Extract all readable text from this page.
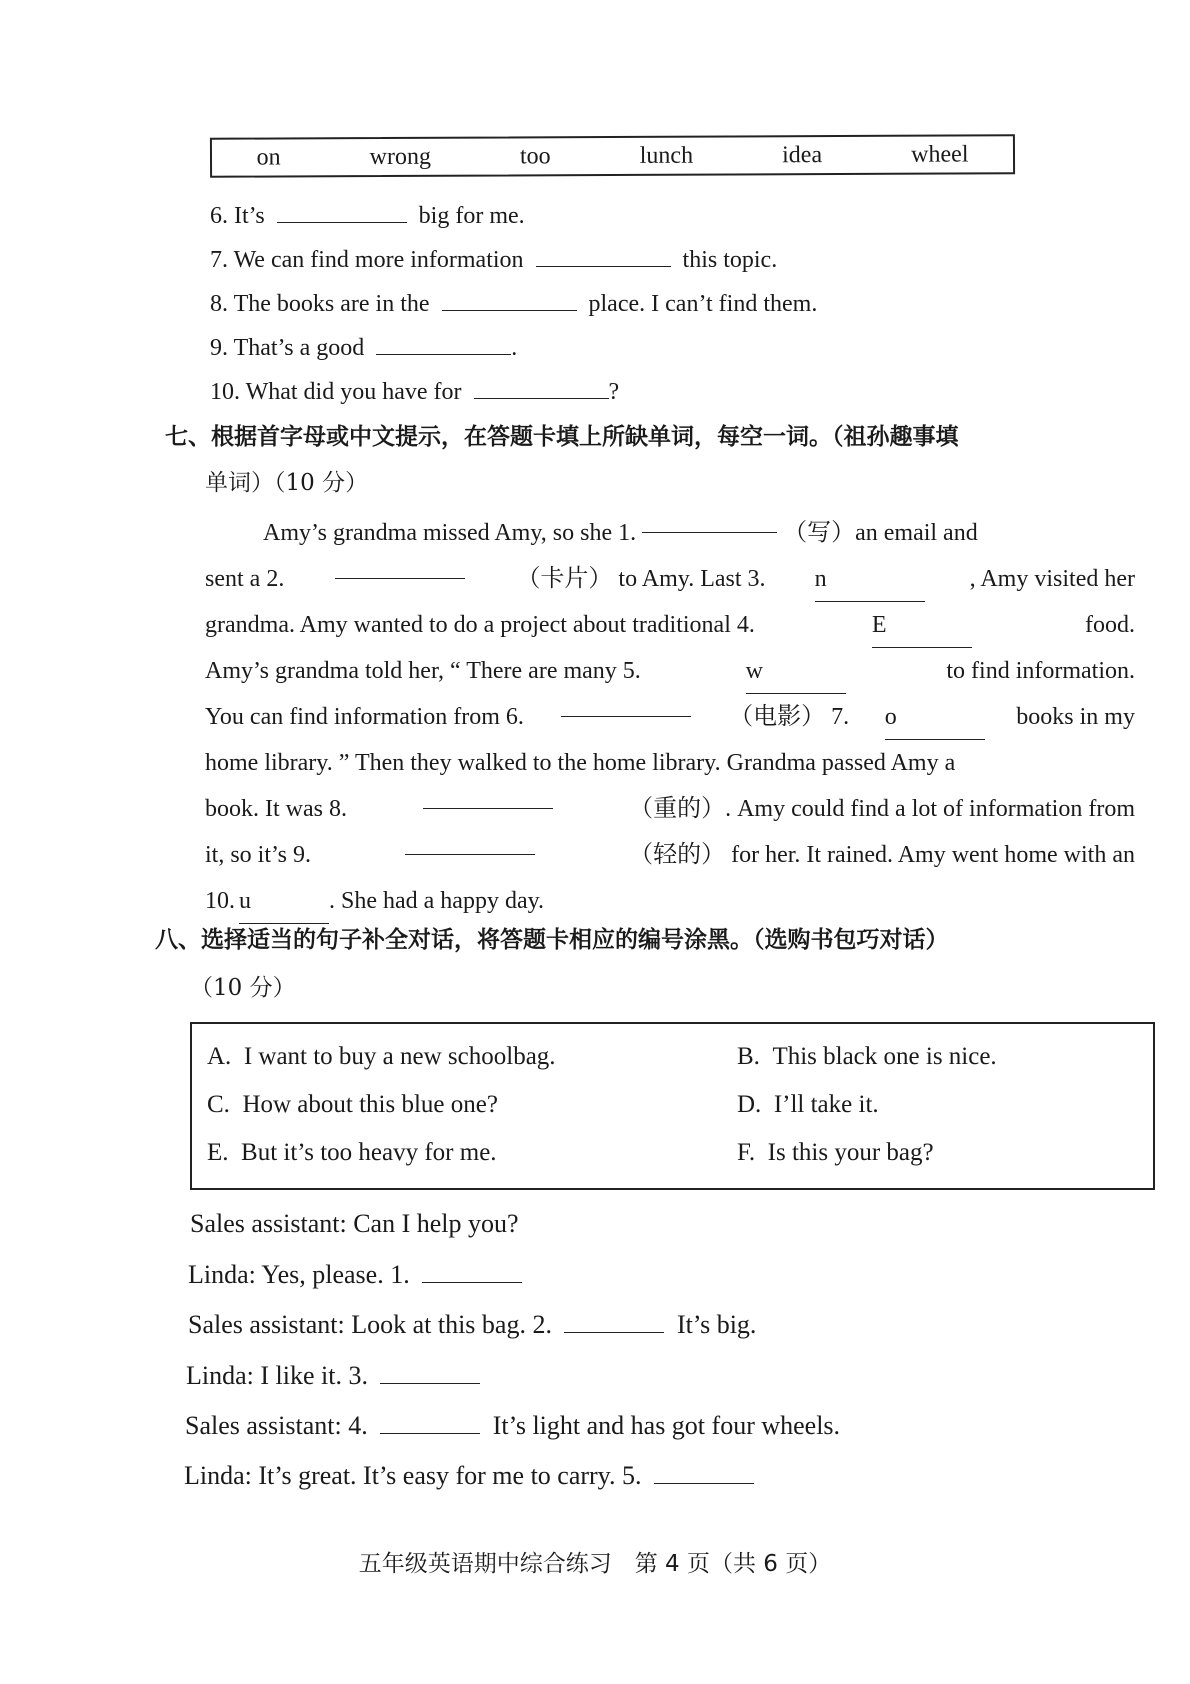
on	wrong	too	lunch	idea	wheel
6. It’s	big for me.
7. We can find more information	this topic.
8. The books are in the	place. I can’t find them.
9. That’s a good	.
10. What did you have for	?
七、根据首字母或中文提示，在答题卡填上所缺单词，每空一词。（祖孙趣事填
单词）（10 分）
Amy’s grandma missed Amy, so she 1.	（写）an email and
sent a 2.	（卡片） to Amy. Last 3. n	, Amy visited her
grandma. Amy wanted to do a project about traditional 4.	E	food.
Amy’s grandma told her, “ There are many 5.	w	to find information.
You can find information from 6.	（电影） 7. o	books in my
home library. ” Then they walked to the home library. Grandma passed Amy a
book. It was 8.	（重的）. Amy could find a lot of information from
it, so it’s 9.	（轻的） for her. It rained. Amy went home with an
10. u	. She had a happy day.
八、选择适当的句子补全对话，将答题卡相应的编号涂黑。（选购书包巧对话）
（10 分）
A. I want to buy a new schoolbag.	B. This black one is nice.
C. How about this blue one?	D. I’ll take it.
E. But it’s too heavy for me.	F. Is this your bag?
Sales assistant: Can I help you?
Linda: Yes, please. 1.
Sales assistant: Look at this bag. 2.	It’s big.
Linda: I like it. 3.
Sales assistant: 4.	It’s light and has got four wheels.
Linda: It’s great. It’s easy for me to carry. 5.
五年级英语期中综合练习　第 4 页（共 6 页）
